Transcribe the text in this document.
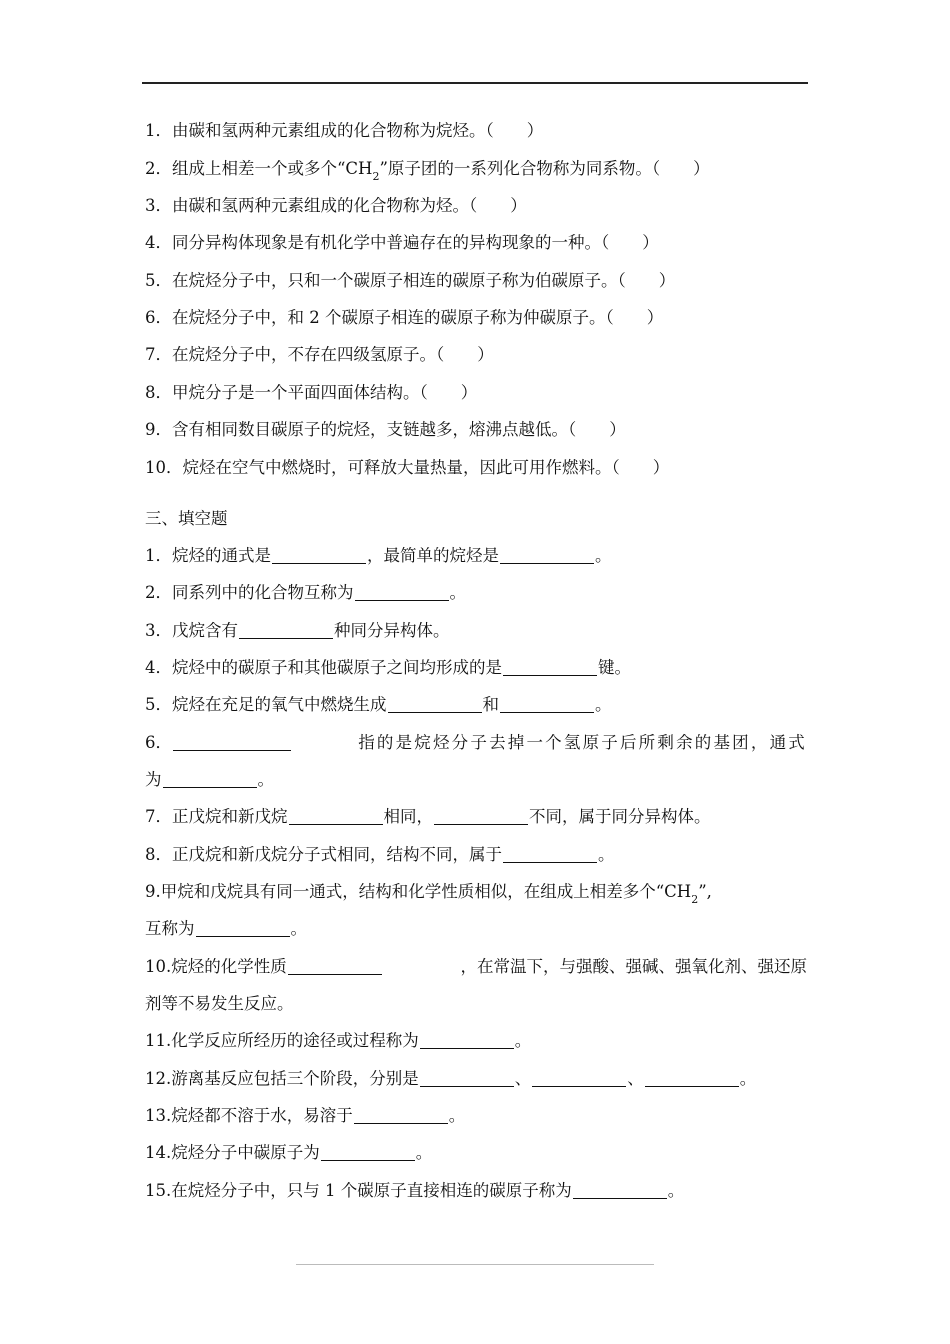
1．由碳和氢两种元素组成的化合物称为烷烃。（　　）
2．组成上相差一个或多个“$CH_2$”原子团的一系列化合物称为同系物。（　　）
3．由碳和氢两种元素组成的化合物称为烃。（　　）
4．同分异构体现象是有机化学中普遍存在的异构现象的一种。（　　）
5．在烷烃分子中，只和一个碳原子相连的碳原子称为伯碳原子。（　　）
6．在烷烃分子中，和 2 个碳原子相连的碳原子称为仲碳原子。（　　）
7．在烷烃分子中，不存在四级氢原子。（　　）
8．甲烷分子是一个平面四面体结构。（　　）
9．含有相同数目碳原子的烷烃，支链越多，熔沸点越低。（　　）
10．烷烃在空气中燃烧时，可释放大量热量，因此可用作燃料。（　　）
三、填空题
1．烷烃的通式是	，最简单的烷烃是	。
2．同系列中的化合物互称为	。
3．戊烷含有	种同分异构体。
4．烷烃中的碳原子和其他碳原子之间均形成的是	键。
5．烷烃在充足的氧气中燃烧生成	和	。
6．	指的是烷烃分子去掉一个氢原子后所剩余的基团，通式
为	。
7．正戊烷和新戊烷	相同，	不同，属于同分异构体。
8．正戊烷和新戊烷分子式相同，结构不同，属于	。
9.甲烷和戊烷具有同一通式，结构和化学性质相似，在组成上相差多个“$CH_2$”,
互称为	。
10.烷烃的化学性质	，在常温下，与强酸、强碱、强氧化剂、强还原
剂等不易发生反应。
11.化学反应所经历的途径或过程称为	。
12.游离基反应包括三个阶段，分别是	、	、	。
13.烷烃都不溶于水，易溶于	。
14.烷烃分子中碳原子为	。
15.在烷烃分子中，只与 1 个碳原子直接相连的碳原子称为	。
